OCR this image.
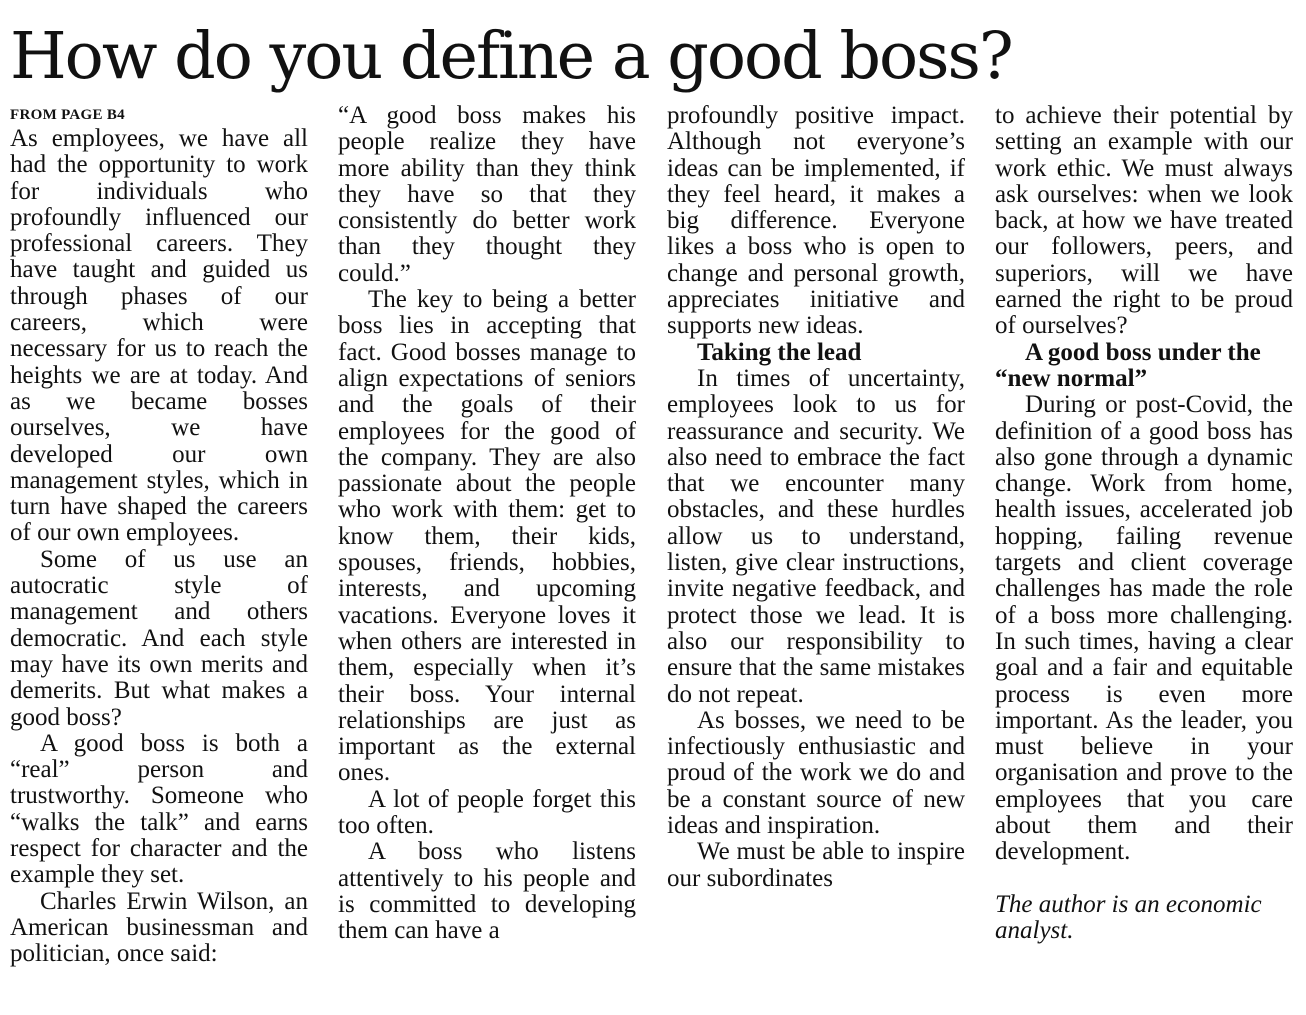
How do you define a good boss?
FROM PAGE B4

As employees, we have all had the opportunity to work for individuals who profoundly influenced our professional careers. They have taught and guided us through phases of our careers, which were necessary for us to reach the heights we are at today. And as we became bosses ourselves, we have developed our own management styles, which in turn have shaped the careers of our own employees.

Some of us use an autocratic style of management and others democratic. And each style may have its own merits and demerits. But what makes a good boss?

A good boss is both a “real” person and trustworthy. Someone who “walks the talk” and earns respect for character and the example they set.

Charles Erwin Wilson, an American businessman and politician, once said:

“A good boss makes his people realize they have more ability than they think they have so that they consistently do better work than they thought they could.”

The key to being a better boss lies in accepting that fact. Good bosses manage to align expectations of seniors and the goals of their employees for the good of the company. They are also passionate about the people who work with them: get to know them, their kids, spouses, friends, hobbies, interests, and upcoming vacations. Everyone loves it when others are interested in them, especially when it’s their boss. Your internal relationships are just as important as the external ones.

A lot of people forget this too often.

A boss who listens attentively to his people and is committed to developing them can have a

profoundly positive impact. Although not everyone’s ideas can be implemented, if they feel heard, it makes a big difference. Everyone likes a boss who is open to change and personal growth, appreciates initiative and supports new ideas.

Taking the lead

In times of uncertainty, employees look to us for reassurance and security. We also need to embrace the fact that we encounter many obstacles, and these hurdles allow us to understand, listen, give clear instructions, invite negative feedback, and protect those we lead. It is also our responsibility to ensure that the same mistakes do not repeat.

As bosses, we need to be infectiously enthusiastic and proud of the work we do and be a constant source of new ideas and inspiration.

We must be able to inspire our subordinates

to achieve their potential by setting an example with our work ethic. We must always ask ourselves: when we look back, at how we have treated our followers, peers, and superiors, will we have earned the right to be proud of ourselves?

A good boss under the “new normal”

During or post-Covid, the definition of a good boss has also gone through a dynamic change. Work from home, health issues, accelerated job hopping, failing revenue targets and client coverage challenges has made the role of a boss more challenging. In such times, having a clear goal and a fair and equitable process is even more important. As the leader, you must believe in your organisation and prove to the employees that you care about them and their development.

The author is an economic analyst.
